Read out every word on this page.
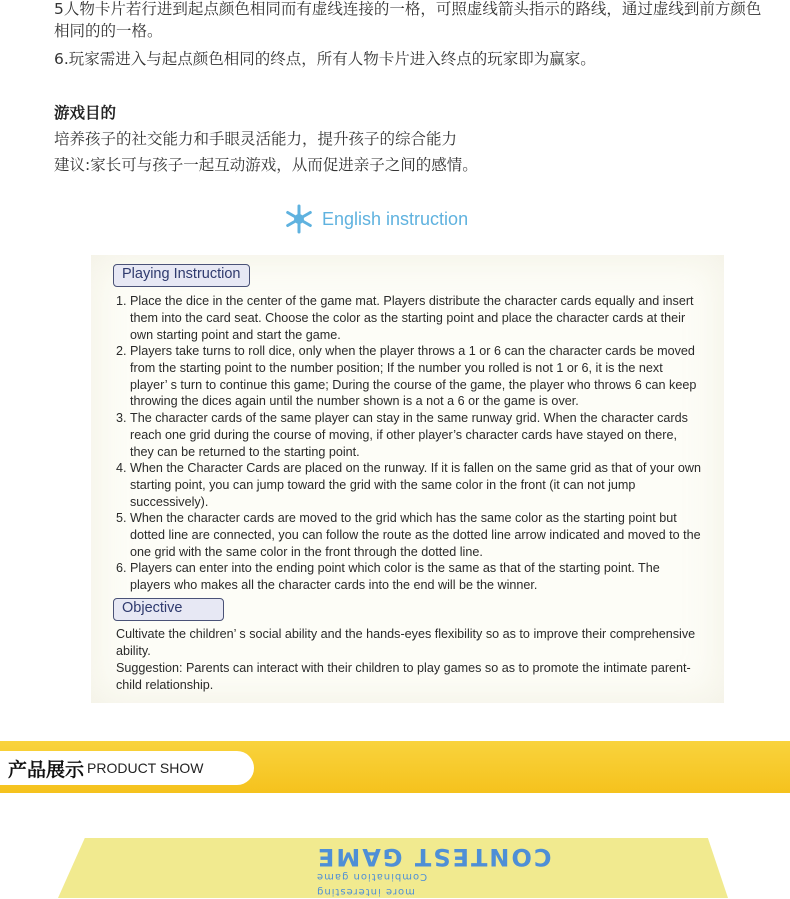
5人物卡片若行进到起点颜色相同而有虚线连接的一格，可照虚线箭头指示的路线，通过虚线到前方颜色相同的的一格。
6.玩家需进入与起点颜色相同的终点，所有人物卡片进入终点的玩家即为赢家。
游戏目的
培养孩子的社交能力和手眼灵活能力，提升孩子的综合能力
建议:家长可与孩子一起互动游戏，从而促进亲子之间的感情。
English instruction
Playing Instruction
1. Place the dice in the center of the game mat. Players distribute the character cards equally and insert them into the card seat. Choose the color as the starting point and place the character cards at their own starting point and start the game.
2. Players take turns to roll dice, only when the player throws a 1 or 6 can the character cards be moved from the starting point to the number position; If the number you rolled is not 1 or 6, it is the next player’ s turn to continue this game; During the course of the game, the player who throws 6 can keep throwing the dices again until the number shown is a not a 6 or the game is over.
3. The character cards of the same player can stay in the same runway grid. When the character cards reach one grid during the course of moving, if other player’s character cards have stayed on there, they can be returned to the starting point.
4. When the Character Cards are placed on the runway. If it is fallen on the same grid as that of your own starting point, you can jump toward the grid with the same color in the front (it can not jump successively).
5. When the character cards are moved to the grid which has the same color as the starting point but dotted line are connected, you can follow the route as the dotted line arrow indicated and moved to the one grid with the same color in the front through the dotted line.
6. Players can enter into the ending point which color is the same as that of the starting point. The players who makes all the character cards into the end will be the winner.
Objective
Cultivate the children’ s social ability and the hands-eyes flexibility so as to improve their comprehensive ability.
Suggestion: Parents can interact with their children to play games so as to promote the intimate parent-child relationship.
产品展示 PRODUCT SHOW
more interesting
Combination game
CONTEST GAME
